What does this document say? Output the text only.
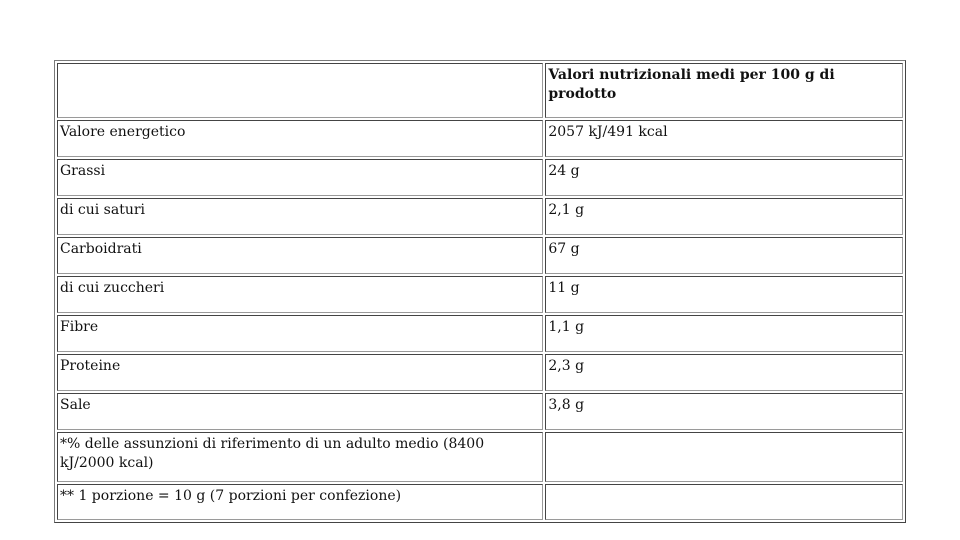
	Valori nutrizionali medi per 100 g di prodotto
Valore energetico	2057 kJ/491 kcal
Grassi	24 g
di cui saturi	2,1 g
Carboidrati	67 g
di cui zuccheri	11 g
Fibre	1,1 g
Proteine	2,3 g
Sale	3,8 g
*% delle assunzioni di riferimento di un adulto medio (8400 kJ/2000 kcal)	
** 1 porzione = 10 g (7 porzioni per confezione)	
